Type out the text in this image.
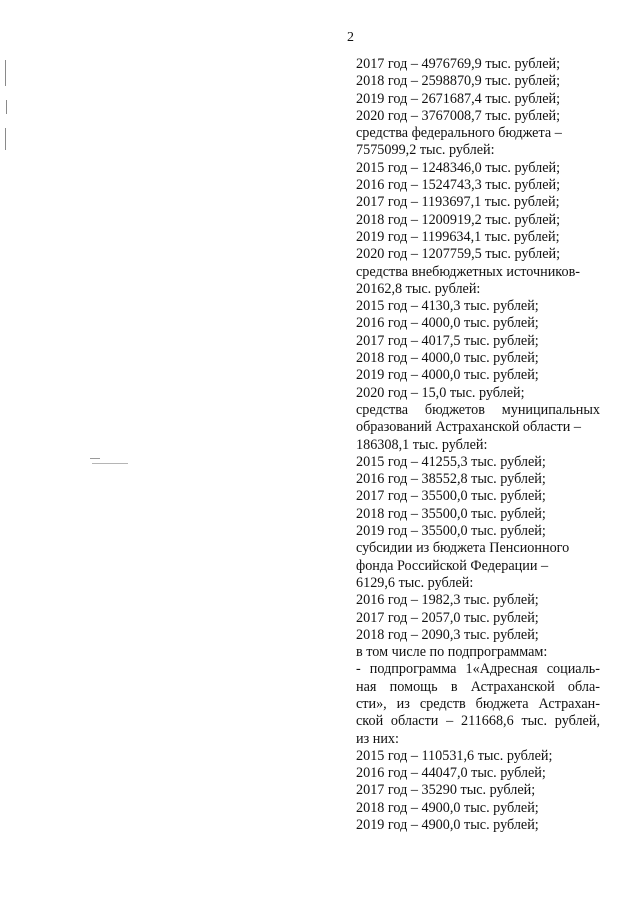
2
2017 год – 4976769,9 тыс. рублей;
2018 год – 2598870,9 тыс. рублей;
2019 год – 2671687,4 тыс. рублей;
2020 год – 3767008,7 тыс. рублей;
средства федерального бюджета –
7575099,2 тыс. рублей:
2015 год – 1248346,0 тыс. рублей;
2016 год – 1524743,3 тыс. рублей;
2017 год – 1193697,1 тыс. рублей;
2018 год – 1200919,2 тыс. рублей;
2019 год – 1199634,1 тыс. рублей;
2020 год – 1207759,5 тыс. рублей;
средства внебюджетных источников-
20162,8 тыс. рублей:
2015 год – 4130,3 тыс. рублей;
2016 год – 4000,0 тыс. рублей;
2017 год – 4017,5 тыс. рублей;
2018 год – 4000,0 тыс. рублей;
2019 год – 4000,0 тыс. рублей;
2020 год – 15,0 тыс. рублей;
средства бюджетов муниципальных
образований Астраханской области –
186308,1 тыс. рублей:
2015 год – 41255,3 тыс. рублей;
2016 год – 38552,8 тыс. рублей;
2017 год – 35500,0 тыс. рублей;
2018 год – 35500,0 тыс. рублей;
2019 год – 35500,0 тыс. рублей;
субсидии из бюджета Пенсионного
фонда Российской Федерации –
6129,6 тыс. рублей:
2016 год – 1982,3 тыс. рублей;
2017 год – 2057,0 тыс. рублей;
2018 год – 2090,3 тыс. рублей;
в том числе по подпрограммам:
- подпрограмма 1«Адресная социаль-
ная помощь в Астраханской обла-
сти», из средств бюджета Астрахан-
ской области – 211668,6 тыс. рублей,
из них:
2015 год – 110531,6 тыс. рублей;
2016 год – 44047,0 тыс. рублей;
2017 год – 35290 тыс. рублей;
2018 год – 4900,0 тыс. рублей;
2019 год – 4900,0 тыс. рублей;
